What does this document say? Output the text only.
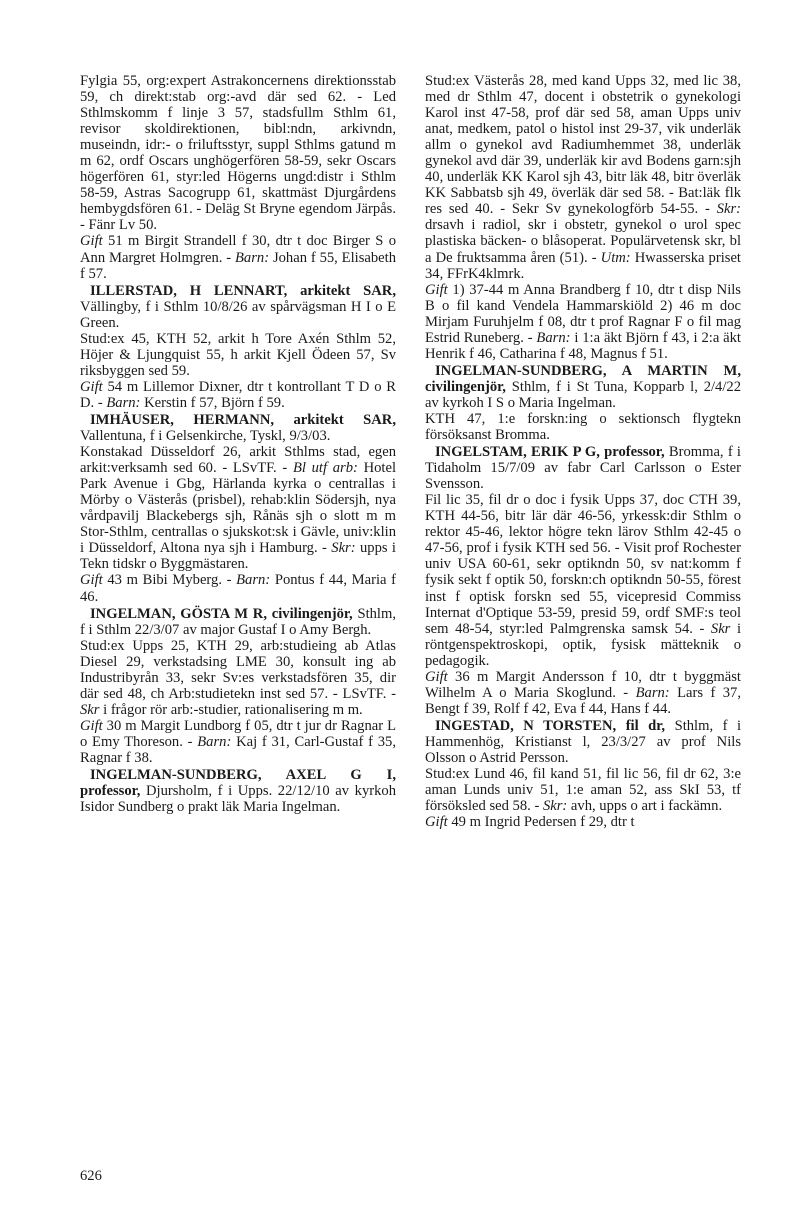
Fylgia 55, org:expert Astrakoncernens direktionsstab 59, ch direkt:stab org:-avd där sed 62. - Led Sthlmskomm f linje 3 57, stadsfullm Sthlm 61, revisor skoldirektionen, bibl:ndn, arkivndn, museindn, idr:- o friluftsstyr, suppl Sthlms gatund m m 62, ordf Oscars unghögerfören 58-59, sekr Oscars högerfören 61, styr:led Högerns ungd:distr i Sthlm 58-59, Astras Sacogrupp 61, skattmäst Djurgårdens hembygdsfören 61. - Deläg St Bryne egendom Järpås. - Fänr Lv 50.

Gift 51 m Birgit Strandell f 30, dtr t doc Birger S o Ann Margret Holmgren. - Barn: Johan f 55, Elisabeth f 57.

ILLERSTAD, H LENNART, arkitekt SAR, Vällingby, f i Sthlm 10/8/26 av spårvägsman H I o E Green.

Stud:ex 45, KTH 52, arkit h Tore Axén Sthlm 52, Höjer & Ljungquist 55, h arkit Kjell Ödeen 57, Sv riksbyggen sed 59.

Gift 54 m Lillemor Dixner, dtr t kontrollant T D o R D. - Barn: Kerstin f 57, Björn f 59.

IMHÄUSER, HERMANN, arkitekt SAR, Vallentuna, f i Gelsenkirche, Tyskl, 9/3/03.

Konstakad Düsseldorf 26, arkit Sthlms stad, egen arkit:verksamh sed 60. - LSvTF. - Bl utf arb: Hotel Park Avenue i Gbg, Härlanda kyrka o centrallas i Mörby o Västerås (prisbel), rehab:klin Södersjh, nya vårdpavilj Blackebergs sjh, Rånäs sjh o slott m m Stor-Sthlm, centrallas o sjukskot:sk i Gävle, univ:klin i Düsseldorf, Altona nya sjh i Hamburg. - Skr: upps i Tekn tidskr o Byggmästaren.

Gift 43 m Bibi Myberg. - Barn: Pontus f 44, Maria f 46.

INGELMAN, GÖSTA M R, civilingenjör, Sthlm, f i Sthlm 22/3/07 av major Gustaf I o Amy Bergh.

Stud:ex Upps 25, KTH 29, arb:studieing ab Atlas Diesel 29, verkstadsing LME 30, konsult ing ab Industribyrån 33, sekr Sv:es verkstadsfören 35, dir där sed 48, ch Arb:studietekn inst sed 57. - LSvTF. - Skr i frågor rör arb:-studier, rationalisering m m.

Gift 30 m Margit Lundborg f 05, dtr t jur dr Ragnar L o Emy Thoreson. - Barn: Kaj f 31, Carl-Gustaf f 35, Ragnar f 38.

INGELMAN-SUNDBERG, AXEL G I, professor, Djursholm, f i Upps. 22/12/10 av kyrkoh Isidor Sundberg o prakt läk Maria Ingelman.

Stud:ex Västerås 28, med kand Upps 32, med lic 38, med dr Sthlm 47, docent i obstetrik o gynekologi Karol inst 47-58, prof där sed 58, aman Upps univ anat, medkem, patol o histol inst 29-37, vik underläk allm o gynekol avd Radiumhemmet 38, underläk gynekol avd där 39, underläk kir avd Bodens garn:sjh 40, underläk KK Karol sjh 43, bitr läk 48, bitr överläk KK Sabbatsb sjh 49, överläk där sed 58. - Bat:läk flk res sed 40. - Sekr Sv gynekologförb 54-55. - Skr: drsavh i radiol, skr i obstetr, gynekol o urol spec plastiska bäcken- o blåsoperat. Populärvetensk skr, bl a De fruktsamma åren (51). - Utm: Hwasserska priset 34, FFrK4klmrk.

Gift 1) 37-44 m Anna Brandberg f 10, dtr t disp Nils B o fil kand Vendela Hammarskiöld 2) 46 m doc Mirjam Furuhjelm f 08, dtr t prof Ragnar F o fil mag Estrid Runeberg. - Barn: i 1:a äkt Björn f 43, i 2:a äkt Henrik f 46, Catharina f 48, Magnus f 51.

INGELMAN-SUNDBERG, A MARTIN M, civilingenjör, Sthlm, f i St Tuna, Kopparb l, 2/4/22 av kyrkoh I S o Maria Ingelman.

KTH 47, 1:e forskn:ing o sektionsch flygtekn försöksanst Bromma.

INGELSTAM, ERIK P G, professor, Bromma, f i Tidaholm 15/7/09 av fabr Carl Carlsson o Ester Svensson.

Fil lic 35, fil dr o doc i fysik Upps 37, doc CTH 39, KTH 44-56, bitr lär där 46-56, yrkessk:dir Sthlm o rektor 45-46, lektor högre tekn lärov Sthlm 42-45 o 47-56, prof i fysik KTH sed 56. - Visit prof Rochester univ USA 60-61, sekr optikndn 50, sv nat:komm f fysik sekt f optik 50, forskn:ch optikndn 50-55, förest inst f optisk forskn sed 55, vicepresid Commiss Internat d'Optique 53-59, presid 59, ordf SMF:s teol sem 48-54, styr:led Palmgrenska samsk 54. - Skr i röntgenspektroskopi, optik, fysisk mätteknik o pedagogik.

Gift 36 m Margit Andersson f 10, dtr t byggmäst Wilhelm A o Maria Skoglund. - Barn: Lars f 37, Bengt f 39, Rolf f 42, Eva f 44, Hans f 44.

INGESTAD, N TORSTEN, fil dr, Sthlm, f i Hammenhög, Kristianst l, 23/3/27 av prof Nils Olsson o Astrid Persson.

Stud:ex Lund 46, fil kand 51, fil lic 56, fil dr 62, 3:e aman Lunds univ 51, 1:e aman 52, ass SkI 53, tf försöksled sed 58. - Skr: avh, upps o art i fackämn.

Gift 49 m Ingrid Pedersen f 29, dtr t

626
